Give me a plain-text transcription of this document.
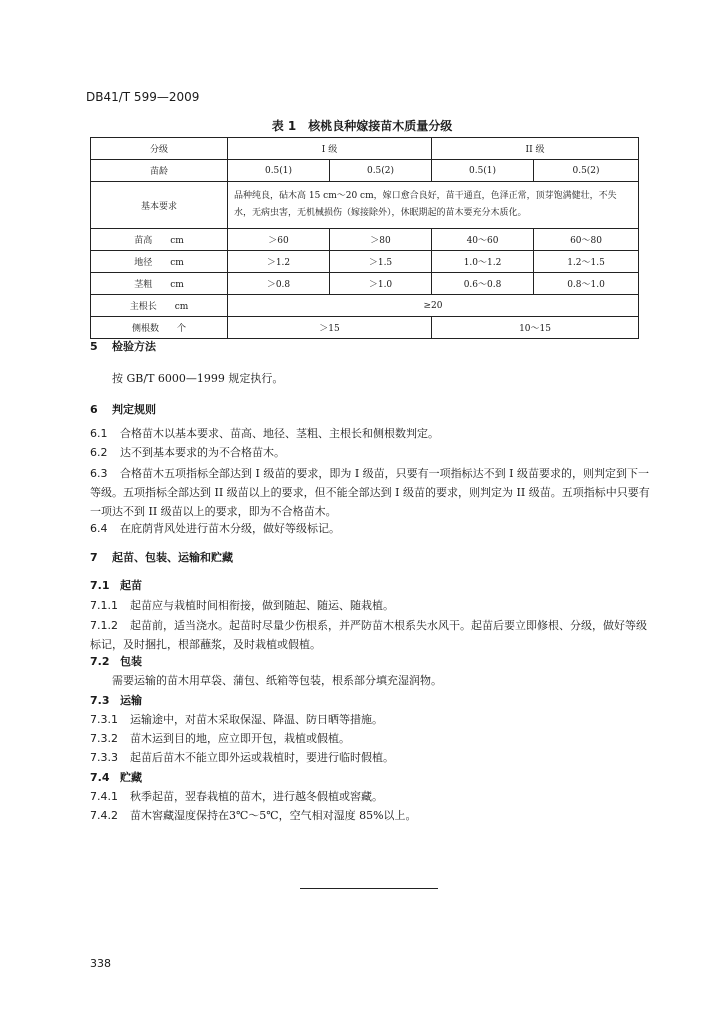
DB41/T 599—2009
表 1　核桃良种嫁接苗木质量分级
分级	I 级		II 级	
苗龄	0.5(1)	0.5(2)	0.5(1)	0.5(2)
基本要求	品种纯良，砧木高 15 cm～20 cm，嫁口愈合良好，苗干通直，色泽正常，顶芽饱满健壮，不失水，无病虫害，无机械损伤（嫁接除外），休眠期起的苗木要充分木质化。			
苗高 cm	＞60	＞80	40～60	60～80
地径 cm	＞1.2	＞1.5	1.0～1.2	1.2～1.5
茎粗 cm	＞0.8	＞1.0	0.6～0.8	0.8～1.0
主根长 cm	≥20			
侧根数 个	＞15		10～15	
5 检验方法
按 GB/T 6000—1999 规定执行。
6 判定规则
6.1 合格苗木以基本要求、苗高、地径、茎粗、主根长和侧根数判定。
6.2 达不到基本要求的为不合格苗木。
6.3 合格苗木五项指标全部达到 I 级苗的要求，即为 I 级苗，只要有一项指标达不到 I 级苗要求的，则判定到下一等级。五项指标全部达到 II 级苗以上的要求，但不能全部达到 I 级苗的要求，则判定为 II 级苗。五项指标中只要有一项达不到 II 级苗以上的要求，即为不合格苗木。
6.4 在庇荫背风处进行苗木分级，做好等级标记。
7 起苗、包装、运输和贮藏
7.1 起苗
7.1.1 起苗应与栽植时间相衔接，做到随起、随运、随栽植。
7.1.2 起苗前，适当浇水。起苗时尽量少伤根系，并严防苗木根系失水风干。起苗后要立即修根、分级，做好等级标记，及时捆扎，根部蘸浆，及时栽植或假植。
7.2 包装
需要运输的苗木用草袋、蒲包、纸箱等包装，根系部分填充湿润物。
7.3 运输
7.3.1 运输途中，对苗木采取保湿、降温、防日晒等措施。
7.3.2 苗木运到目的地，应立即开包，栽植或假植。
7.3.3 起苗后苗木不能立即外运或栽植时，要进行临时假植。
7.4 贮藏
7.4.1 秋季起苗，翌春栽植的苗木，进行越冬假植或窖藏。
7.4.2 苗木窖藏湿度保持在3℃～5℃，空气相对湿度 85%以上。
338
